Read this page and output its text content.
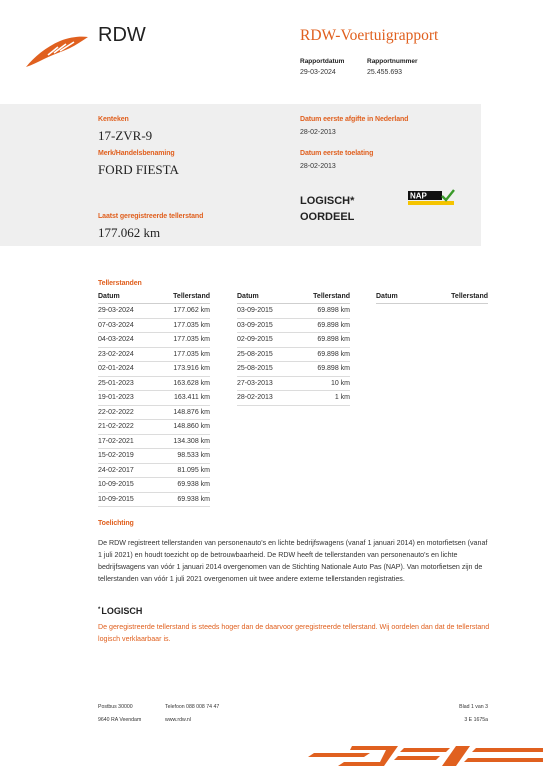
RDW	RDW-Voertuigrapport
Rapportdatum
29-03-2024
Rapportnummer
25.455.693
Kenteken
17-ZVR-9
Merk/Handelsbenaming
FORD FIESTA
Laatst geregistreerde tellerstand
177.062 km
Datum eerste afgifte in Nederland
28-02-2013
Datum eerste toelating
28-02-2013
LOGISCH*
OORDEEL
NAP
Tellerstanden
Datum	Tellerstand	Datum	Tellerstand	Datum	Tellerstand
29-03-2024	177.062 km
07-03-2024	177.035 km
04-03-2024	177.035 km
23-02-2024	177.035 km
02-01-2024	173.916 km
25-01-2023	163.628 km
19-01-2023	163.411 km
22-02-2022	148.876 km
21-02-2022	148.860 km
17-02-2021	134.308 km
15-02-2019	98.533 km
24-02-2017	81.095 km
10-09-2015	69.938 km
10-09-2015	69.938 km
03-09-2015	69.898 km
03-09-2015	69.898 km
02-09-2015	69.898 km
25-08-2015	69.898 km
25-08-2015	69.898 km
27-03-2013	10 km
28-02-2013	1 km
Toelichting
De RDW registreert tellerstanden van personenauto's en lichte bedrijfswagens (vanaf 1 januari 2014) en motorfietsen (vanaf 1 juli 2021) en houdt toezicht op de betrouwbaarheid. De RDW heeft de tellerstanden van personenauto's en lichte bedrijfswagens van vóór 1 januari 2014 overgenomen van de Stichting Nationale Auto Pas (NAP). Van motorfietsen zijn de tellerstanden van vóór 1 juli 2021 overgenomen uit twee andere externe tellerstanden registraties.
*LOGISCH
De geregistreerde tellerstand is steeds hoger dan de daarvoor geregistreerde tellerstand. Wij oordelen dan dat de tellerstand logisch verklaarbaar is.
Postbus 30000
9640 RA Veendam
Telefoon 088 008 74 47
www.rdw.nl
Blad 1 van 3
3 E 1675a
